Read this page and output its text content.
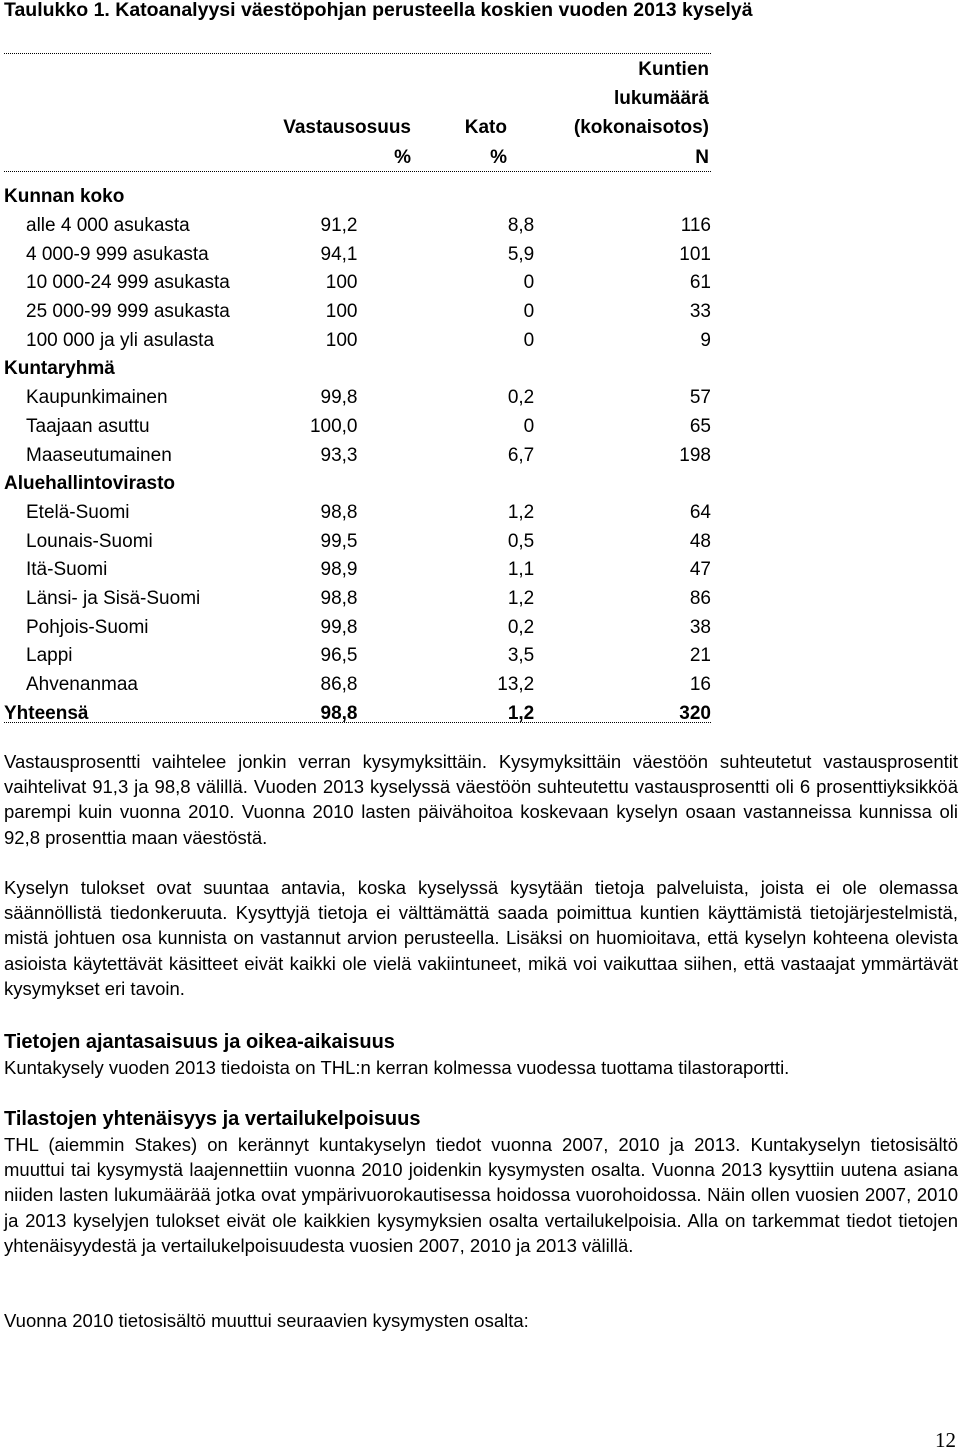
Taulukko 1. Katoanalyysi väestöpohjan perusteella koskien vuoden 2013 kyselyä
Kuntien
lukumäärä
Vastausosuus	Kato	(kokonaisotos)
%	%	N
Kunnan koko			
alle 4 000 asukasta	91,2	8,8	116
4 000-9 999 asukasta	94,1	5,9	101
10 000-24 999 asukasta	100	0	61
25 000-99 999 asukasta	100	0	33
100 000 ja yli asulasta	100	0	9
Kuntaryhmä			
Kaupunkimainen	99,8	0,2	57
Taajaan asuttu	100,0	0	65
Maaseutumainen	93,3	6,7	198
Aluehallintovirasto			
Etelä-Suomi	98,8	1,2	64
Lounais-Suomi	99,5	0,5	48
Itä-Suomi	98,9	1,1	47
Länsi- ja Sisä-Suomi	98,8	1,2	86
Pohjois-Suomi	99,8	0,2	38
Lappi	96,5	3,5	21
Ahvenanmaa	86,8	13,2	16
Yhteensä	98,8	1,2	320
Vastausprosentti vaihtelee jonkin verran kysymyksittäin. Kysymyksittäin väestöön suhteutetut vastausprosentit vaihtelivat 91,3 ja 98,8 välillä. Vuoden 2013 kyselyssä väestöön suhteutettu vastausprosentti oli 6 prosenttiyksikköä parempi kuin vuonna 2010. Vuonna 2010 lasten päivähoitoa koskevaan kyselyn osaan vastanneissa kunnissa oli 92,8 prosenttia maan väestöstä.
Kyselyn tulokset ovat suuntaa antavia, koska kyselyssä kysytään tietoja palveluista, joista ei ole olemassa säännöllistä tiedonkeruuta. Kysyttyjä tietoja ei välttämättä saada poimittua kuntien käyttämistä tietojärjestelmistä, mistä johtuen osa kunnista on vastannut arvion perusteella. Lisäksi on huomioitava, että kyselyn kohteena olevista asioista käytettävät käsitteet eivät kaikki ole vielä vakiintuneet, mikä voi vaikuttaa siihen, että vastaajat ymmärtävät kysymykset eri tavoin.
Tietojen ajantasaisuus ja oikea-aikaisuus
Kuntakysely vuoden 2013 tiedoista on THL:n kerran kolmessa vuodessa tuottama tilastoraportti.
Tilastojen yhtenäisyys ja vertailukelpoisuus
THL (aiemmin Stakes) on kerännyt kuntakyselyn tiedot vuonna 2007, 2010 ja 2013. Kuntakyselyn tietosisältö muuttui tai kysymystä laajennettiin vuonna 2010 joidenkin kysymysten osalta. Vuonna 2013 kysyttiin uutena asiana niiden lasten lukumäärää jotka ovat ympärivuorokautisessa hoidossa vuorohoidossa. Näin ollen vuosien 2007, 2010 ja 2013 kyselyjen tulokset eivät ole kaikkien kysymyksien osalta vertailukelpoisia. Alla on tarkemmat tiedot tietojen yhtenäisyydestä ja vertailukelpoisuudesta vuosien 2007, 2010 ja 2013 välillä.
Vuonna 2010 tietosisältö muuttui seuraavien kysymysten osalta:
12
